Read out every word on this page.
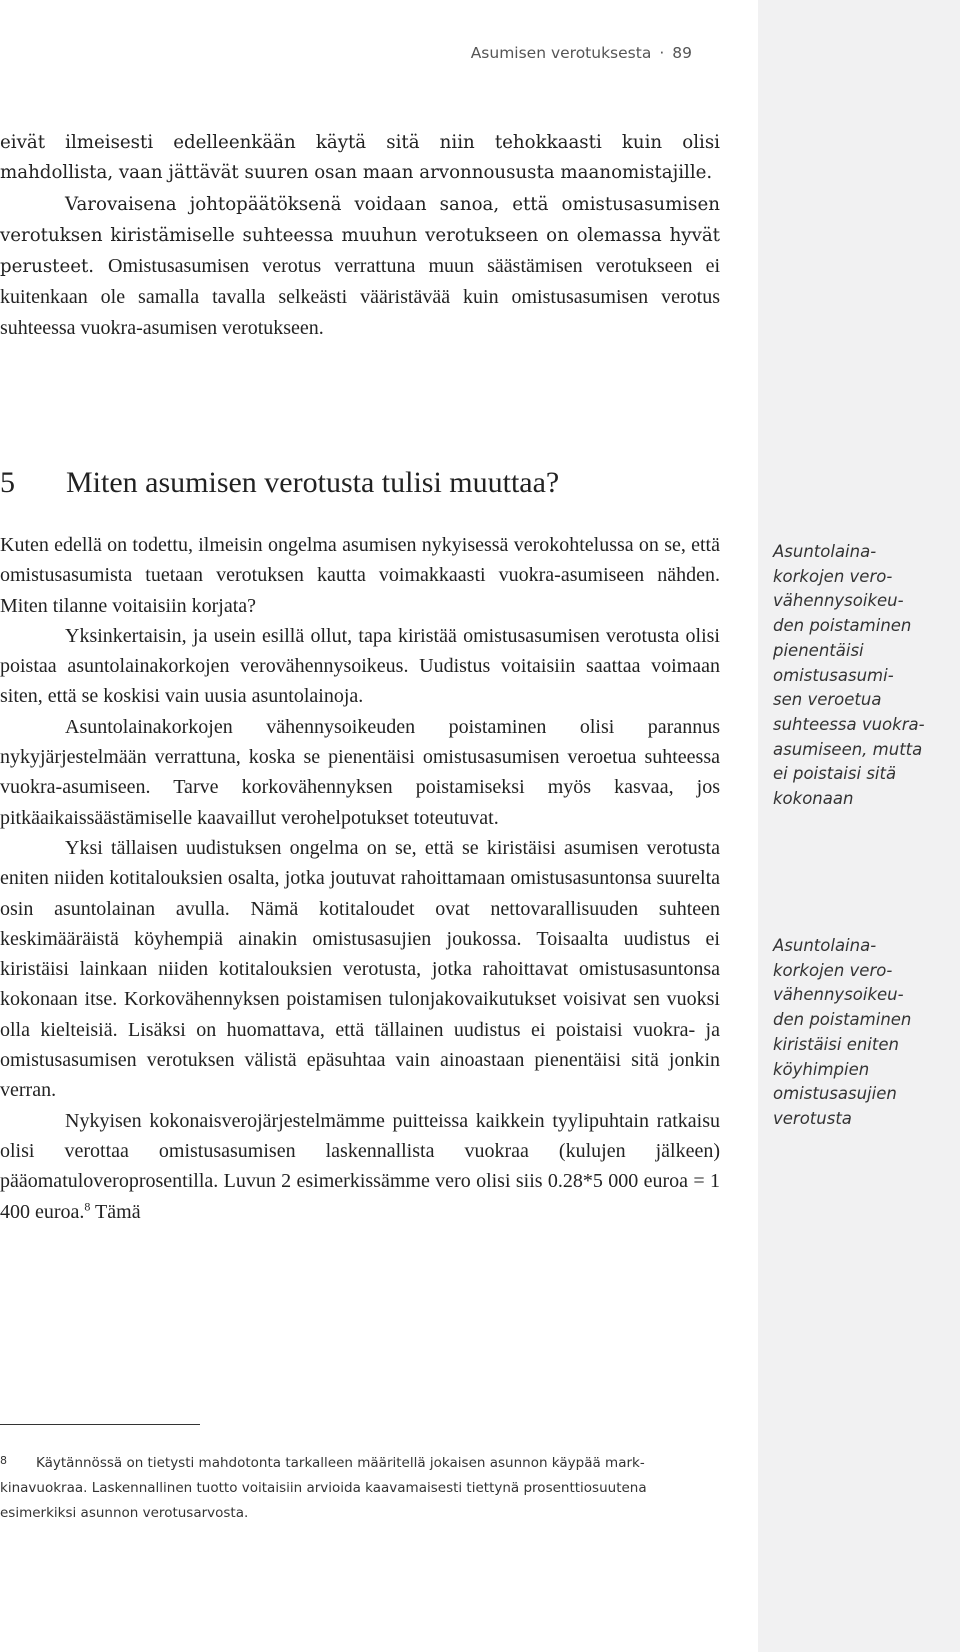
Asumisen verotuksesta · 89

eivät ilmeisesti edelleenkään käytä sitä niin tehokkaasti kuin olisi mahdollista, vaan jättävät suuren osan maan arvonnoususta maanomistajille.

Varovaisena johtopäätöksenä voidaan sanoa, että omistusasumisen verotuksen kiristämiselle suhteessa muuhun verotukseen on olemassa hyvät perusteet. Omistusasumisen verotus verrattuna muun säästämisen verotukseen ei kuitenkaan ole samalla tavalla selkeästi vääristävää kuin omistusasumisen verotus suhteessa vuokra-asumisen verotukseen.

5 Miten asumisen verotusta tulisi muuttaa?

Kuten edellä on todettu, ilmeisin ongelma asumisen nykyisessä verokohtelussa on se, että omistusasumista tuetaan verotuksen kautta voimakkaasti vuokra-asumiseen nähden. Miten tilanne voitaisiin korjata?

Yksinkertaisin, ja usein esillä ollut, tapa kiristää omistusasumisen verotusta olisi poistaa asuntolainakorkojen verovähennysoikeus. Uudistus voitaisiin saattaa voimaan siten, että se koskisi vain uusia asuntolainoja.

Asuntolainakorkojen vähennysoikeuden poistaminen olisi parannus nykyjärjestelmään verrattuna, koska se pienentäisi omistusasumisen veroetua suhteessa vuokra-asumiseen. Tarve korkovähennyksen poistamiseksi myös kasvaa, jos pitkäaikaissäästämiselle kaavaillut verohelpotukset toteutuvat.

Yksi tällaisen uudistuksen ongelma on se, että se kiristäisi asumisen verotusta eniten niiden kotitalouksien osalta, jotka joutuvat rahoittamaan omistusasuntonsa suurelta osin asuntolainan avulla. Nämä kotitaloudet ovat nettovarallisuuden suhteen keskimääräistä köyhempiä ainakin omistusasujien joukossa. Toisaalta uudistus ei kiristäisi lainkaan niiden kotitalouksien verotusta, jotka rahoittavat omistusasuntonsa kokonaan itse. Korkovähennyksen poistamisen tulonjakovaikutukset voisivat sen vuoksi olla kielteisiä. Lisäksi on huomattava, että tällainen uudistus ei poistaisi vuokra- ja omistusasumisen verotuksen välistä epäsuhtaa vain ainoastaan pienentäisi sitä jonkin verran.

Nykyisen kokonaisverojärjestelmämme puitteissa kaikkein tyylipuhtain ratkaisu olisi verottaa omistusasumisen laskennallista vuokraa (kulujen jälkeen) pääomatuloveroprosentilla. Luvun 2 esimerkissämme vero olisi siis 0.28*5 000 euroa = 1 400 euroa.$^8$ Tämä

8 Käytännössä on tietysti mahdotonta tarkalleen määritellä jokaisen asunnon käypää markkinavuokraa. Laskennallinen tuotto voitaisiin arvioida kaavamaisesti tiettynä prosenttiosuutena esimerkiksi asunnon verotusarvosta.
Asuntolaina-
korkojen vero-
vähennysoikeu-
den poistaminen
pienentäisi
omistusasumi-
sen veroetua
suhteessa vuokra-
asumiseen, mutta
ei poistaisi sitä
kokonaan
Asuntolaina-
korkojen vero-
vähennysoikeu-
den poistaminen
kiristäisi eniten
köyhimpien
omistusasujien
verotusta
